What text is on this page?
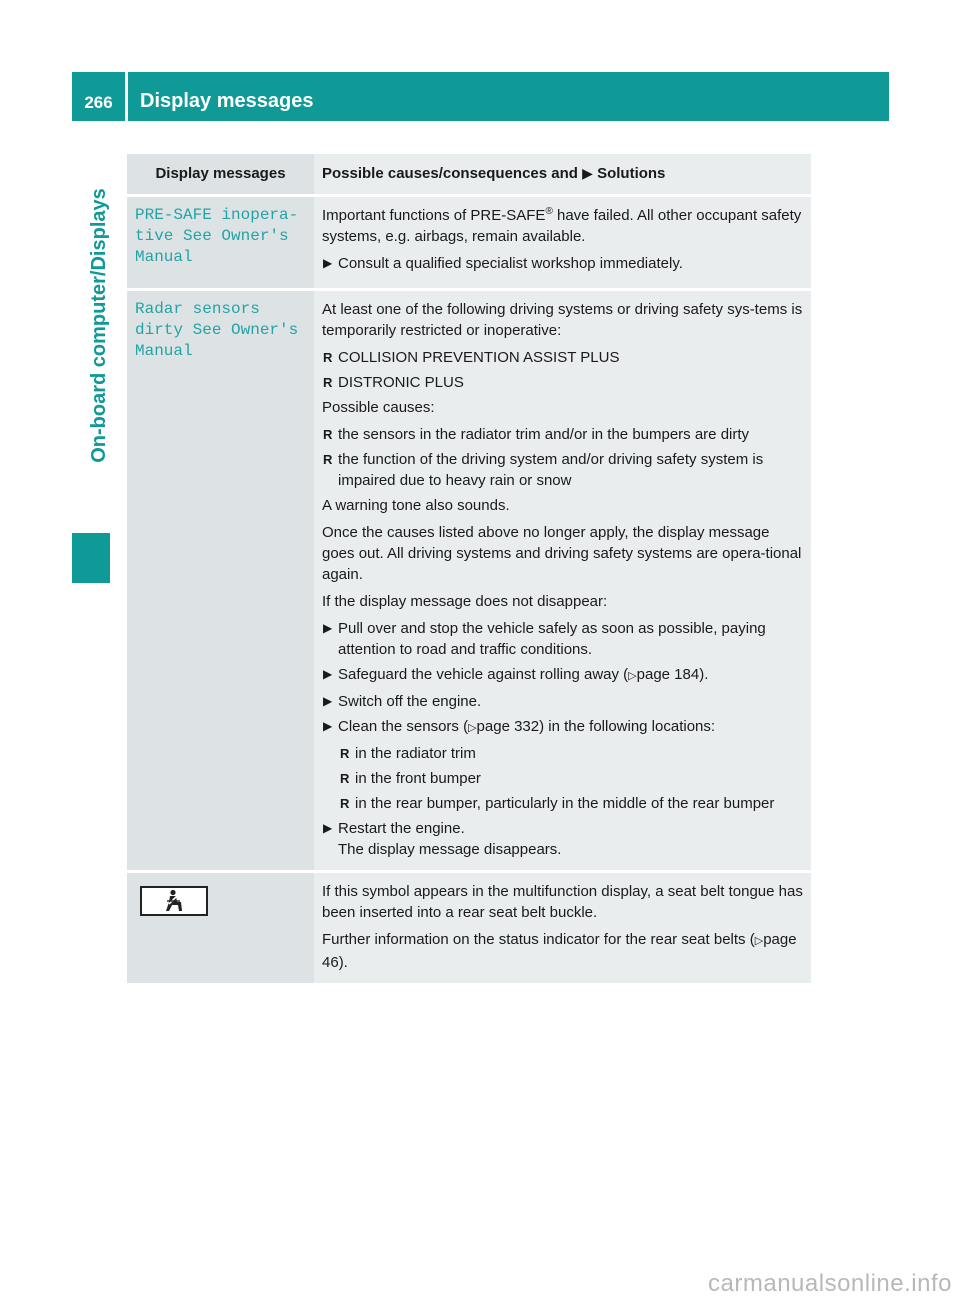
266	Display messages
On-board computer/Displays
Display messages	Possible causes/consequences and ▶ Solutions
PRE-SAFE inopera‐
tive See Owner's
Manual

Important functions of PRE-SAFE® have failed. All other occupant safety systems, e.g. airbags, remain available.

▶ Consult a qualified specialist workshop immediately.
Radar sensors
dirty See Owner's
Manual

At least one of the following driving systems or driving safety sys-tems is temporarily restricted or inoperative:

R COLLISION PREVENTION ASSIST PLUS
R DISTRONIC PLUS

Possible causes:

R the sensors in the radiator trim and/or in the bumpers are dirty
R the function of the driving system and/or driving safety system is impaired due to heavy rain or snow

A warning tone also sounds.

Once the causes listed above no longer apply, the display message goes out. All driving systems and driving safety systems are opera-tional again.

If the display message does not disappear:

▶ Pull over and stop the vehicle safely as soon as possible, paying attention to road and traffic conditions.
▶ Safeguard the vehicle against rolling away (▷page 184).
▶ Switch off the engine.
▶ Clean the sensors (▷page 332) in the following locations:
R in the radiator trim
R in the front bumper
R in the rear bumper, particularly in the middle of the rear bumper
▶ Restart the engine.
The display message disappears.

If this symbol appears in the multifunction display, a seat belt tongue has been inserted into a rear seat belt buckle.

Further information on the status indicator for the rear seat belts (▷page 46).

carmanualsonline.info
